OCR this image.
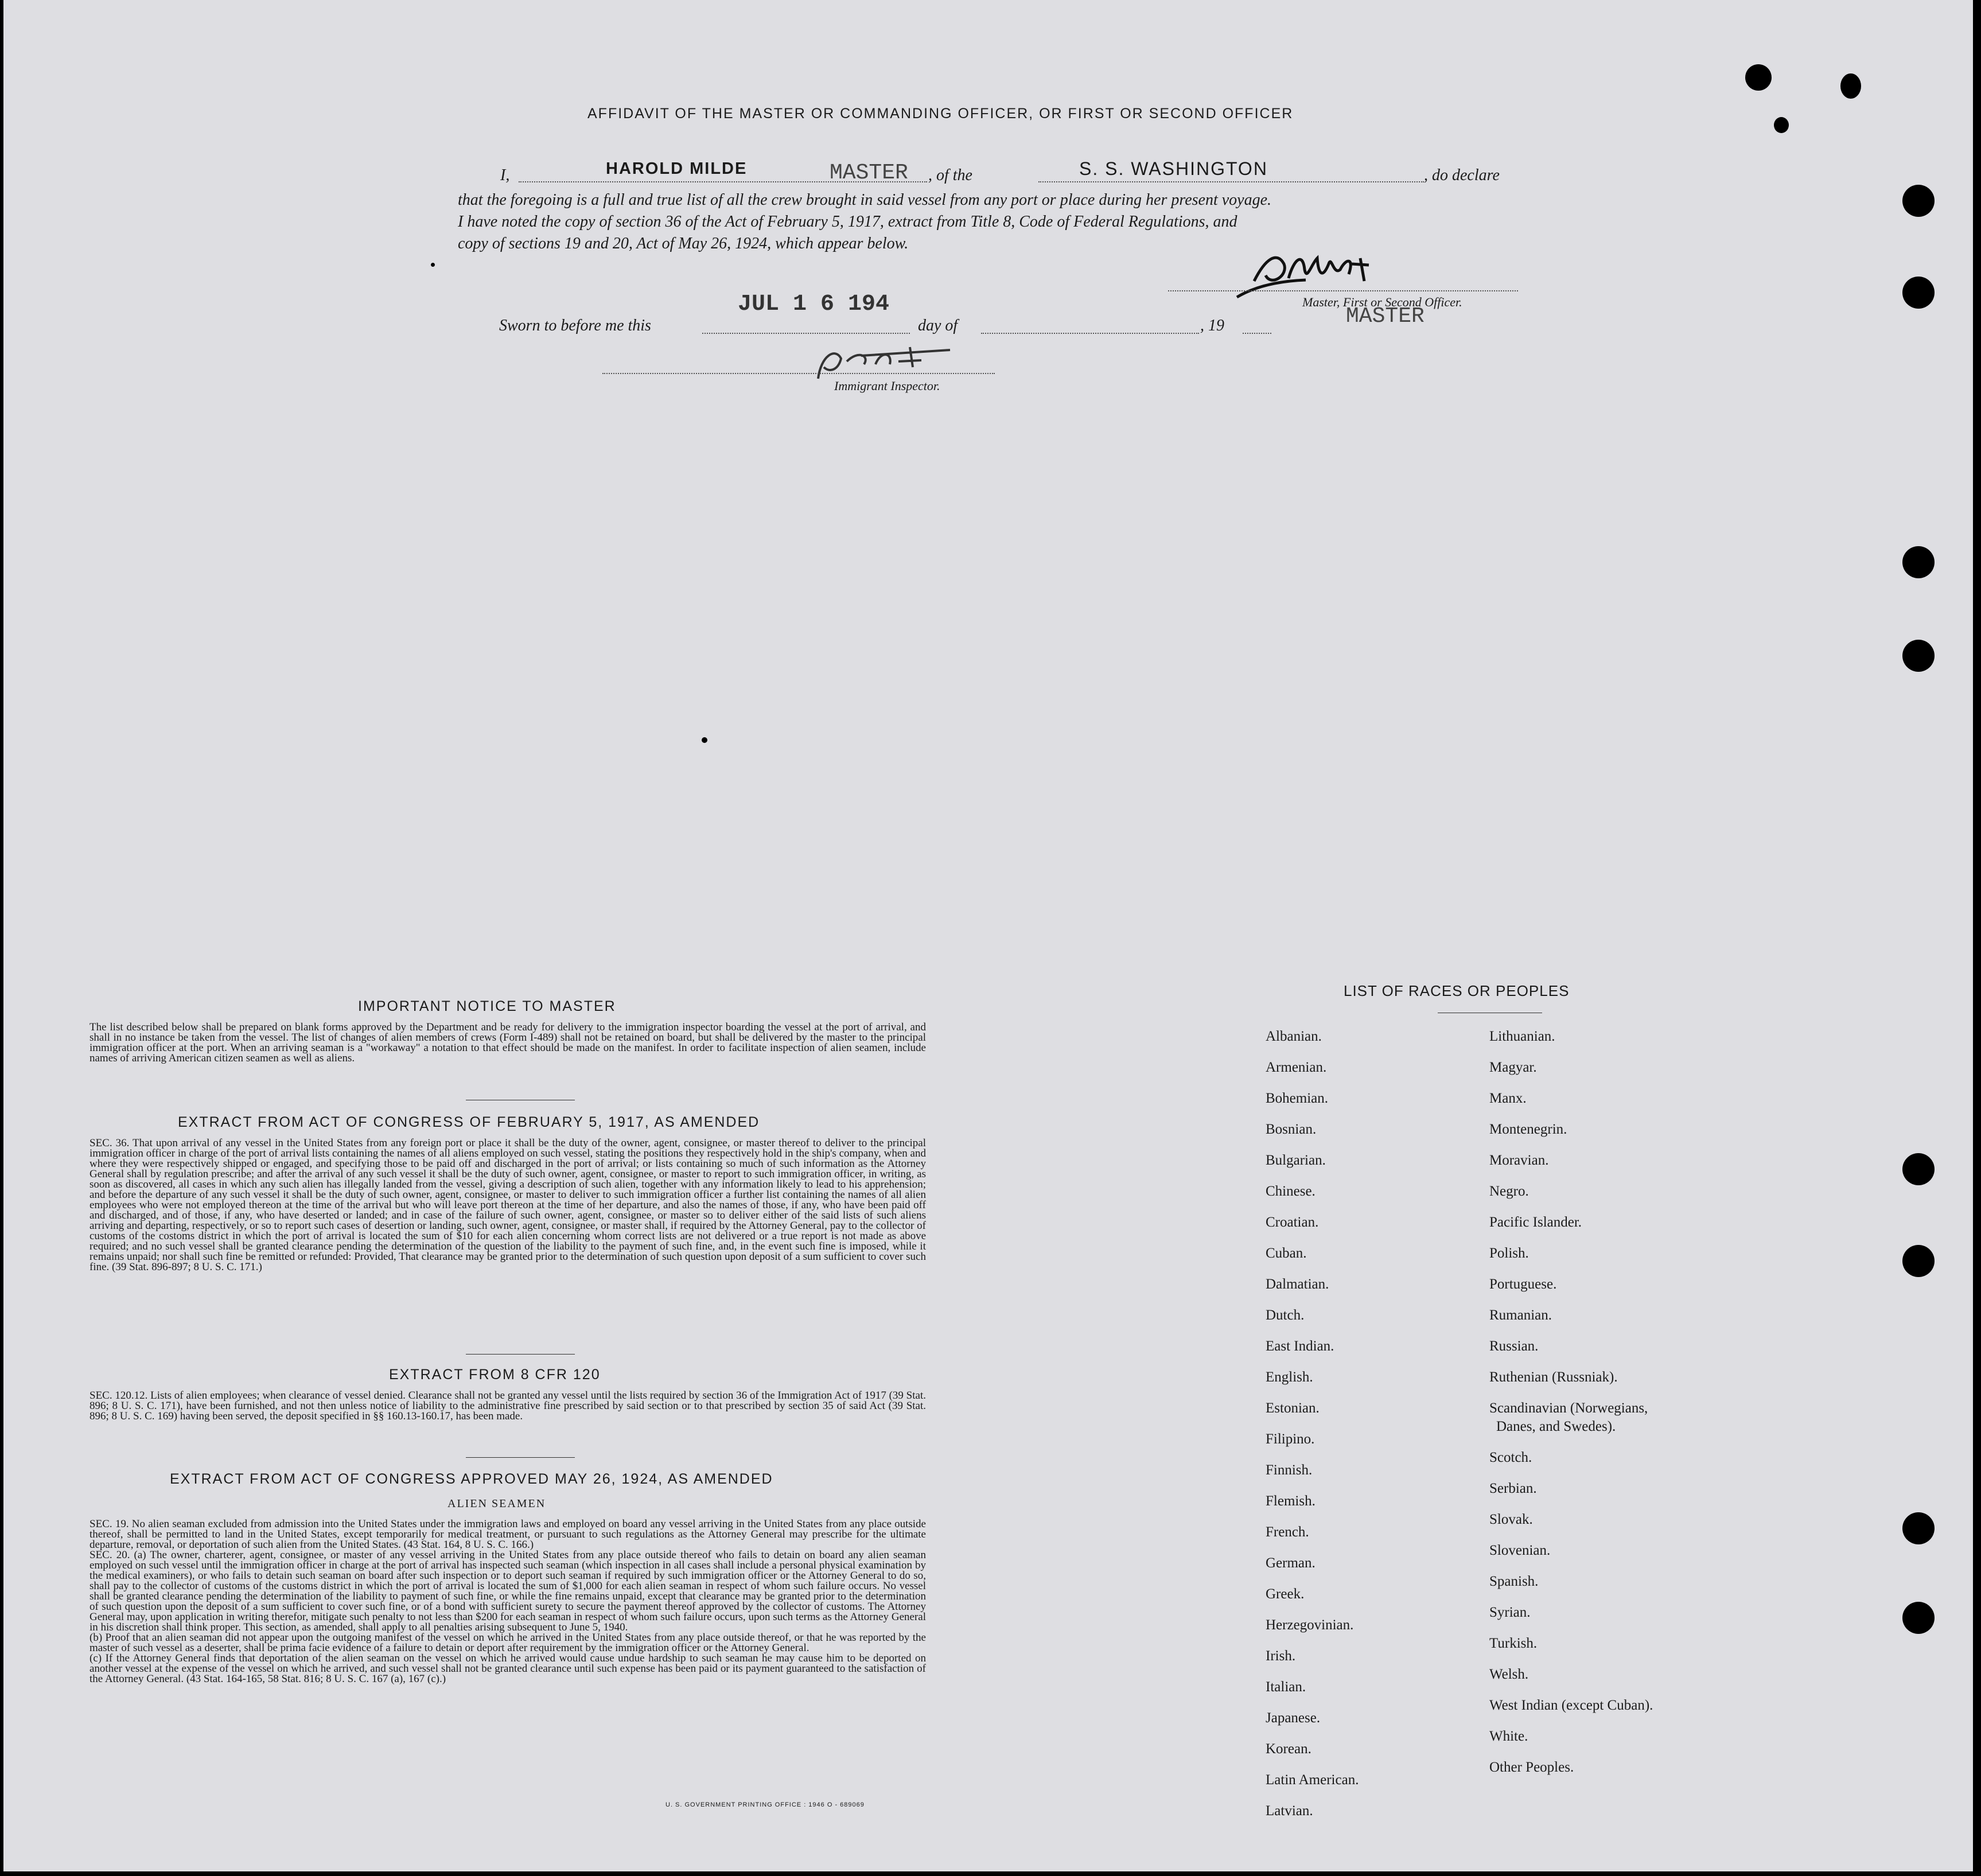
AFFIDAVIT OF THE MASTER OR COMMANDING OFFICER, OR FIRST OR SECOND OFFICER
I,	HAROLD MILDE	MASTER , of the	S. S. WASHINGTON	, do declare
that the foregoing is a full and true list of all the crew brought in said vessel from any port or place during her present voyage.
I have noted the copy of section 36 of the Act of February 5, 1917, extract from Title 8, Code of Federal Regulations, and
copy of sections 19 and 20, Act of May 26, 1924, which appear below.
Master, First or Second Officer.
MASTER
Sworn to before me this
JUL 1 6 194
day of	, 19
Immigrant Inspector.
IMPORTANT NOTICE TO MASTER
The list described below shall be prepared on blank forms approved by the Department and be ready for delivery to the immigration inspector boarding the vessel at the port of arrival, and shall in no instance be taken from the vessel. The list of changes of alien members of crews (Form I-489) shall not be retained on board, but shall be delivered by the master to the principal immigration officer at the port. When an arriving seaman is a "workaway" a notation to that effect should be made on the manifest. In order to facilitate inspection of alien seamen, include names of arriving American citizen seamen as well as aliens.
EXTRACT FROM ACT OF CONGRESS OF FEBRUARY 5, 1917, AS AMENDED
SEC. 36. That upon arrival of any vessel in the United States from any foreign port or place it shall be the duty of the owner, agent, consignee, or master thereof to deliver to the principal immigration officer in charge of the port of arrival lists containing the names of all aliens employed on such vessel, stating the positions they respectively hold in the ship's company, when and where they were respectively shipped or engaged, and specifying those to be paid off and discharged in the port of arrival; or lists containing so much of such information as the Attorney General shall by regulation prescribe; and after the arrival of any such vessel it shall be the duty of such owner, agent, consignee, or master to report to such immigration officer, in writing, as soon as discovered, all cases in which any such alien has illegally landed from the vessel, giving a description of such alien, together with any information likely to lead to his apprehension; and before the departure of any such vessel it shall be the duty of such owner, agent, consignee, or master to deliver to such immigration officer a further list containing the names of all alien employees who were not employed thereon at the time of the arrival but who will leave port thereon at the time of her departure, and also the names of those, if any, who have been paid off and discharged, and of those, if any, who have deserted or landed; and in case of the failure of such owner, agent, consignee, or master so to deliver either of the said lists of such aliens arriving and departing, respectively, or so to report such cases of desertion or landing, such owner, agent, consignee, or master shall, if required by the Attorney General, pay to the collector of customs of the costoms district in which the port of arrival is located the sum of $10 for each alien concerning whom correct lists are not delivered or a true report is not made as above required; and no such vessel shall be granted clearance pending the determination of the question of the liability to the payment of such fine, and, in the event such fine is imposed, while it remains unpaid; nor shall such fine be remitted or refunded: Provided, That clearance may be granted prior to the determination of such question upon deposit of a sum sufficient to cover such fine. (39 Stat. 896-897; 8 U. S. C. 171.)
EXTRACT FROM 8 CFR 120
SEC. 120.12. Lists of alien employees; when clearance of vessel denied. Clearance shall not be granted any vessel until the lists required by section 36 of the Immigration Act of 1917 (39 Stat. 896; 8 U. S. C. 171), have been furnished, and not then unless notice of liability to the administrative fine prescribed by said section or to that prescribed by section 35 of said Act (39 Stat. 896; 8 U. S. C. 169) having been served, the deposit specified in §§ 160.13-160.17, has been made.
EXTRACT FROM ACT OF CONGRESS APPROVED MAY 26, 1924, AS AMENDED
ALIEN SEAMEN
SEC. 19. No alien seaman excluded from admission into the United States under the immigration laws and employed on board any vessel arriving in the United States from any place outside thereof, shall be permitted to land in the United States, except temporarily for medical treatment, or pursuant to such regulations as the Attorney General may prescribe for the ultimate departure, removal, or deportation of such alien from the United States. (43 Stat. 164, 8 U. S. C. 166.)
SEC. 20. (a) The owner, charterer, agent, consignee, or master of any vessel arriving in the United States from any place outside thereof who fails to detain on board any alien seaman employed on such vessel until the immigration officer in charge at the port of arrival has inspected such seaman (which inspection in all cases shall include a personal physical examination by the medical examiners), or who fails to detain such seaman on board after such inspection or to deport such seaman if required by such immigration officer or the Attorney General to do so, shall pay to the collector of customs of the customs district in which the port of arrival is located the sum of $1,000 for each alien seaman in respect of whom such failure occurs. No vessel shall be granted clearance pending the determination of the liability to payment of such fine, or while the fine remains unpaid, except that clearance may be granted prior to the determination of such question upon the deposit of a sum sufficient to cover such fine, or of a bond with sufficient surety to secure the payment thereof approved by the collector of customs. The Attorney General may, upon application in writing therefor, mitigate such penalty to not less than $200 for each seaman in respect of whom such failure occurs, upon such terms as the Attorney General in his discretion shall think proper. This section, as amended, shall apply to all penalties arising subsequent to June 5, 1940.
(b) Proof that an alien seaman did not appear upon the outgoing manifest of the vessel on which he arrived in the United States from any place outside thereof, or that he was reported by the master of such vessel as a deserter, shall be prima facie evidence of a failure to detain or deport after requirement by the immigration officer or the Attorney General.
(c) If the Attorney General finds that deportation of the alien seaman on the vessel on which he arrived would cause undue hardship to such seaman he may cause him to be deported on another vessel at the expense of the vessel on which he arrived, and such vessel shall not be granted clearance until such expense has been paid or its payment guaranteed to the satisfaction of the Attorney General. (43 Stat. 164-165, 58 Stat. 816; 8 U. S. C. 167 (a), 167 (c).)
U. S. GOVERNMENT PRINTING OFFICE : 1946 O - 689069
LIST OF RACES OR PEOPLES
Albanian.
Armenian.
Bohemian.
Bosnian.
Bulgarian.
Chinese.
Croatian.
Cuban.
Dalmatian.
Dutch.
East Indian.
English.
Estonian.
Filipino.
Finnish.
Flemish.
French.
German.
Greek.
Herzegovinian.
Irish.
Italian.
Japanese.
Korean.
Latin American.
Latvian.
Lithuanian.
Magyar.
Manx.
Montenegrin.
Moravian.
Negro.
Pacific Islander.
Polish.
Portuguese.
Rumanian.
Russian.
Ruthenian (Russniak).
Scandinavian (Norwegians,
Danes, and Swedes).
Scotch.
Serbian.
Slovak.
Slovenian.
Spanish.
Syrian.
Turkish.
Welsh.
West Indian (except Cuban).
White.
Other Peoples.
